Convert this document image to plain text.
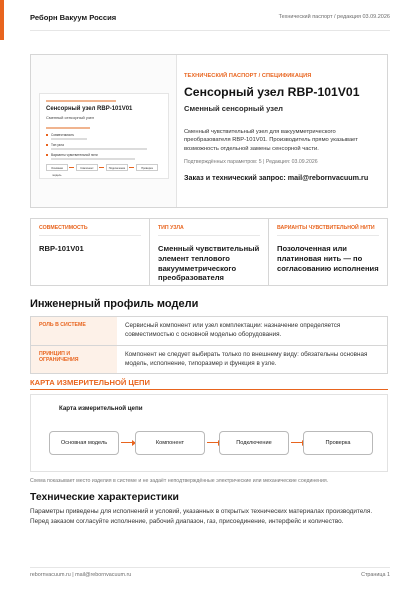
Реборн Вакуум Россия	Технический паспорт / редакция 03.09.2026
Сенсорный узел RBP-101V01
Сменный сенсорный узел
Совместимость
Тип узла
Варианты чувствительной нити
Основная модель
Компонент	Подключение	Проверка
ТЕХНИЧЕСКИЙ ПАСПОРТ / СПЕЦИФИКАЦИЯ
Сенсорный узел RBP-101V01
Сменный сенсорный узел
Сменный чувствительный узел для вакуумметрического преобразователя RBP-101V01. Производитель прямо указывает возможность отдельной замены сенсорной части.
Подтверждённых параметров: 5 | Редакция: 03.09.2026
Заказ и технический запрос: mail@rebornvacuum.ru
СОВМЕСТИМОСТЬ
RBP-101V01
ТИП УЗЛА
Сменный чувствительный элемент теплового вакуумметрического преобразователя
ВАРИАНТЫ ЧУВСТВИТЕЛЬНОЙ НИТИ
Позолоченная или платиновая нить — по согласованию исполнения
Инженерный профиль модели
РОЛЬ В СИСТЕМЕ	Сервисный компонент или узел комплектации: назначение определяется совместимостью с основной моделью оборудования.
ПРИНЦИП И ОГРАНИЧЕНИЯ
Компонент не следует выбирать только по внешнему виду: обязательны основная модель, исполнение, типоразмер и функция в узле.
КАРТА ИЗМЕРИТЕЛЬНОЙ ЦЕПИ
Карта измерительной цепи
Основная модель	Компонент	Подключение	Проверка
Схема показывает место изделия в системе и не задаёт неподтверждённые электрические или механические соединения.
Технические характеристики
Параметры приведены для исполнений и условий, указанных в открытых технических материалах производителя. Перед заказом согласуйте исполнение, рабочий диапазон, газ, присоединение, интерфейс и количество.
rebornvacuum.ru | mail@rebornvacuum.ru	Страница 1
